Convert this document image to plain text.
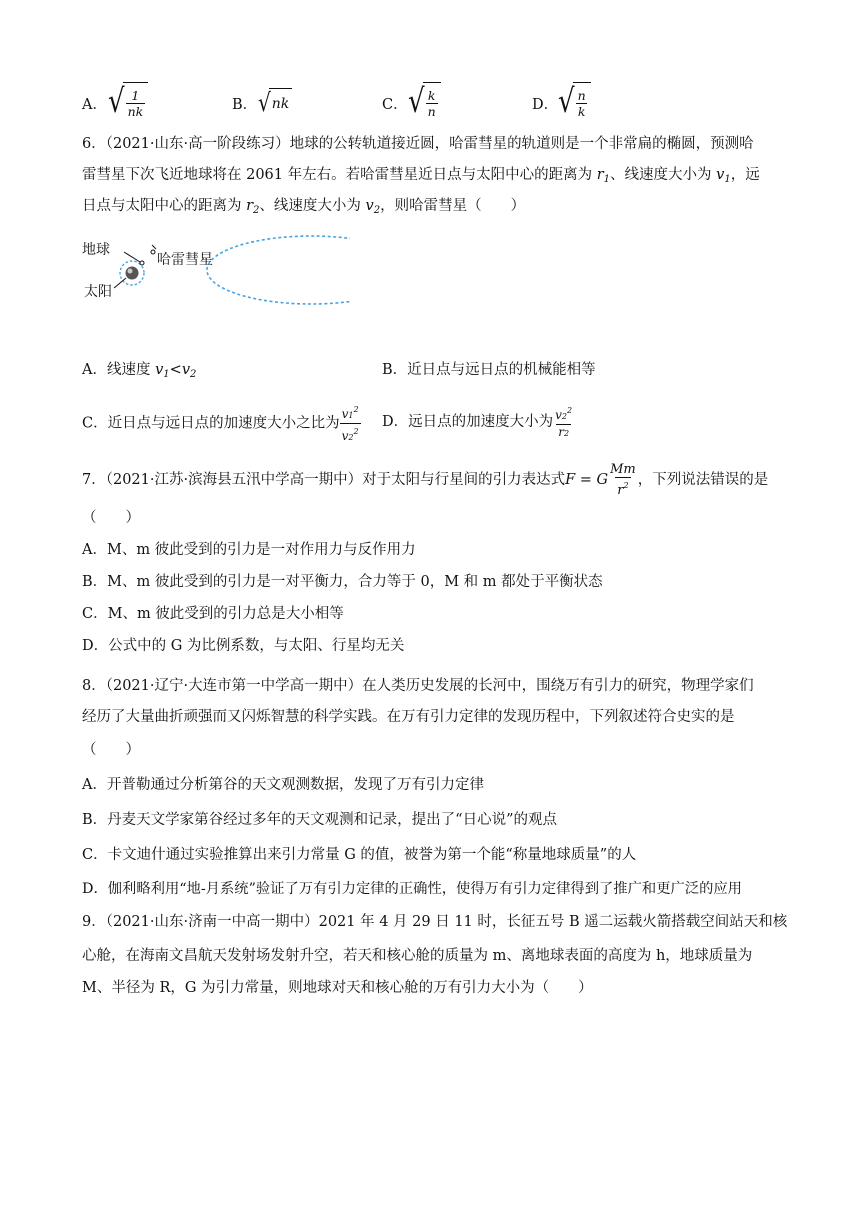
A． √ $\frac{1}{nk}$	B． √ nk	C． √ $\frac{k}{n}$	D． √ $\frac{n}{k}$
6．（2021·山东·高一阶段练习）地球的公转轨道接近圆，哈雷彗星的轨道则是一个非常扁的椭圆，预测哈
雷彗星下次飞近地球将在 2061 年左右。若哈雷彗星近日点与太阳中心的距离为 $r_1$、线速度大小为 $v_1$，远
日点与太阳中心的距离为 $r_2$、线速度大小为 $v_2$，则哈雷彗星（　　）
地球
哈雷彗星
太阳
A．线速度 $v_1<v_2$	B．近日点与远日点的机械能相等
C．近日点与远日点的加速度大小之比为 $\frac{v1^2}{v2^2}$ D．远日点的加速度大小为 $\frac{v2^2}{r2}$
7．（2021·江苏·滨海县五汛中学高一期中）对于太阳与行星间的引力表达式F = G $\frac{Mm}{r^2}$ ，下列说法错误的是
（　　）
A．M、m 彼此受到的引力是一对作用力与反作用力
B．M、m 彼此受到的引力是一对平衡力，合力等于 0，M 和 m 都处于平衡状态
C．M、m 彼此受到的引力总是大小相等
D．公式中的 G 为比例系数，与太阳、行星均无关
8．（2021·辽宁·大连市第一中学高一期中）在人类历史发展的长河中，围绕万有引力的研究，物理学家们
经历了大量曲折顽强而又闪烁智慧的科学实践。在万有引力定律的发现历程中，下列叙述符合史实的是
（　　）
A．开普勒通过分析第谷的天文观测数据，发现了万有引力定律
B．丹麦天文学家第谷经过多年的天文观测和记录，提出了“日心说”的观点
C．卡文迪什通过实验推算出来引力常量 G 的值，被誉为第一个能“称量地球质量”的人
D．伽利略利用“地-月系统”验证了万有引力定律的正确性，使得万有引力定律得到了推广和更广泛的应用
9．（2021·山东·济南一中高一期中）2021 年 4 月 29 日 11 时，长征五号 B 遥二运载火箭搭载空间站天和核
心舱，在海南文昌航天发射场发射升空，若天和核心舱的质量为 m、离地球表面的高度为 h，地球质量为
M、半径为 R，G 为引力常量，则地球对天和核心舱的万有引力大小为（　　）
